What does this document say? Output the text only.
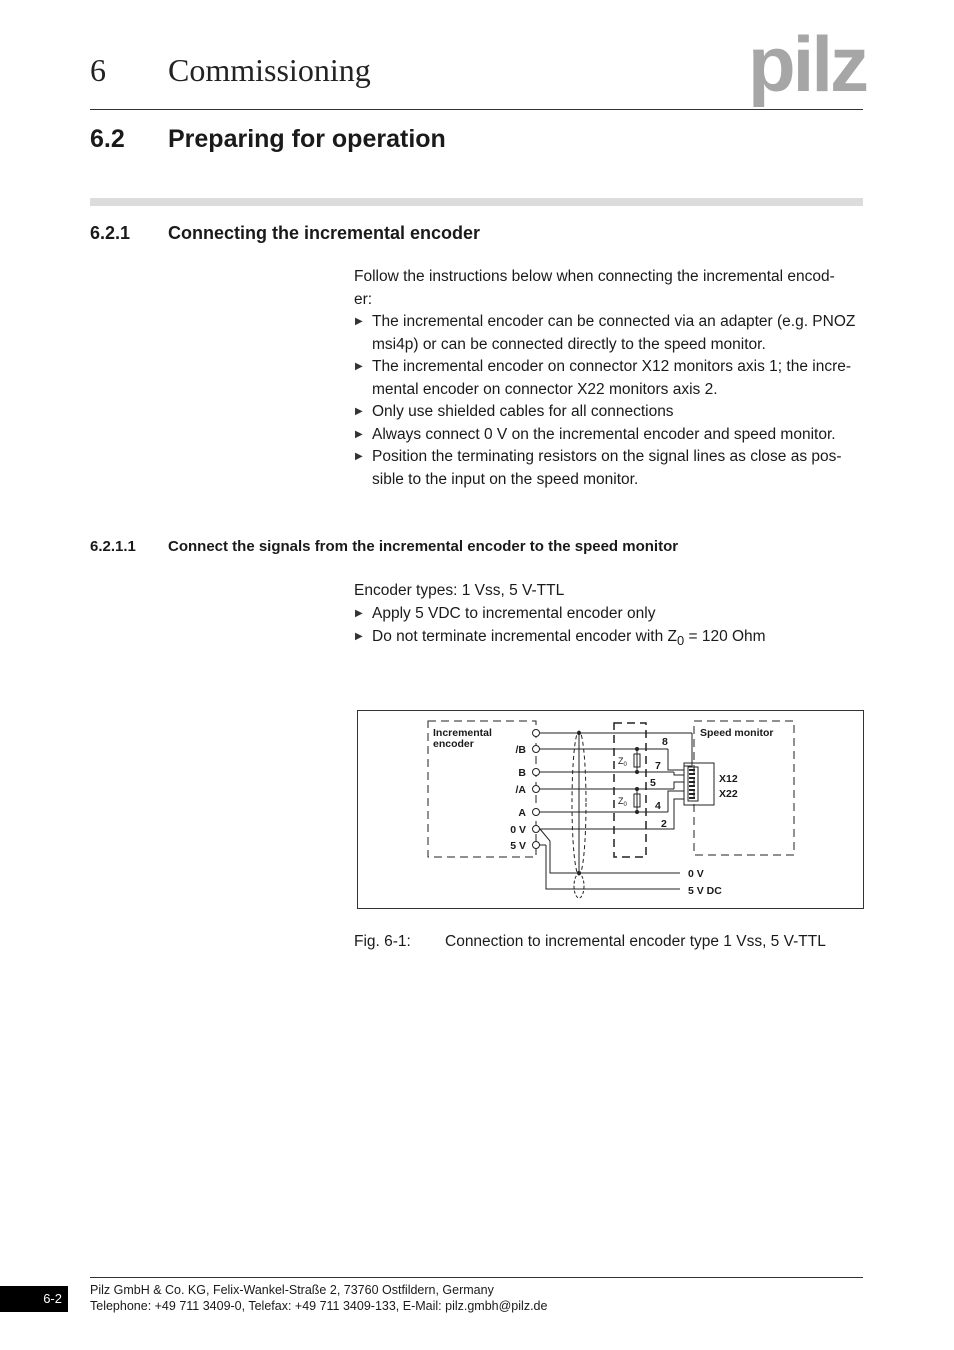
6 Commissioning	pilz
6.2 Preparing for operation
6.2.1 Connecting the incremental encoder
Follow the instructions below when connecting the incremental encod-
er:
▶ The incremental encoder can be connected via an adapter (e.g. PNOZ msi4p) or can be connected directly to the speed monitor.
▶ The incremental encoder on connector X12 monitors axis 1; the incre-mental encoder on connector X22 monitors axis 2.
▶ Only use shielded cables for all connections
▶ Always connect 0 V on the incremental encoder and speed monitor.
▶ Position the terminating resistors on the signal lines as close as pos-sible to the input on the speed monitor.
6.2.1.1 Connect the signals from the incremental encoder to the speed monitor
Encoder types: 1 Vss, 5 V-TTL
▶ Apply 5 VDC to incremental encoder only
▶ Do not terminate incremental encoder with $Z_0 = 120$ Ohm
Incremental
encoder
Speed monitor
/B
B
/A
A
0 V
5 V
8
7
5
4
2
X12
X22
0 V
5 V DC
$Z_0$
$Z_0$
Fig. 6-1: Connection to incremental encoder type 1 Vss, 5 V-TTL
6-2
Pilz GmbH & Co. KG, Felix-Wankel-Straße 2, 73760 Ostfildern, Germany
Telephone: +49 711 3409-0, Telefax: +49 711 3409-133, E-Mail: pilz.gmbh@pilz.de
